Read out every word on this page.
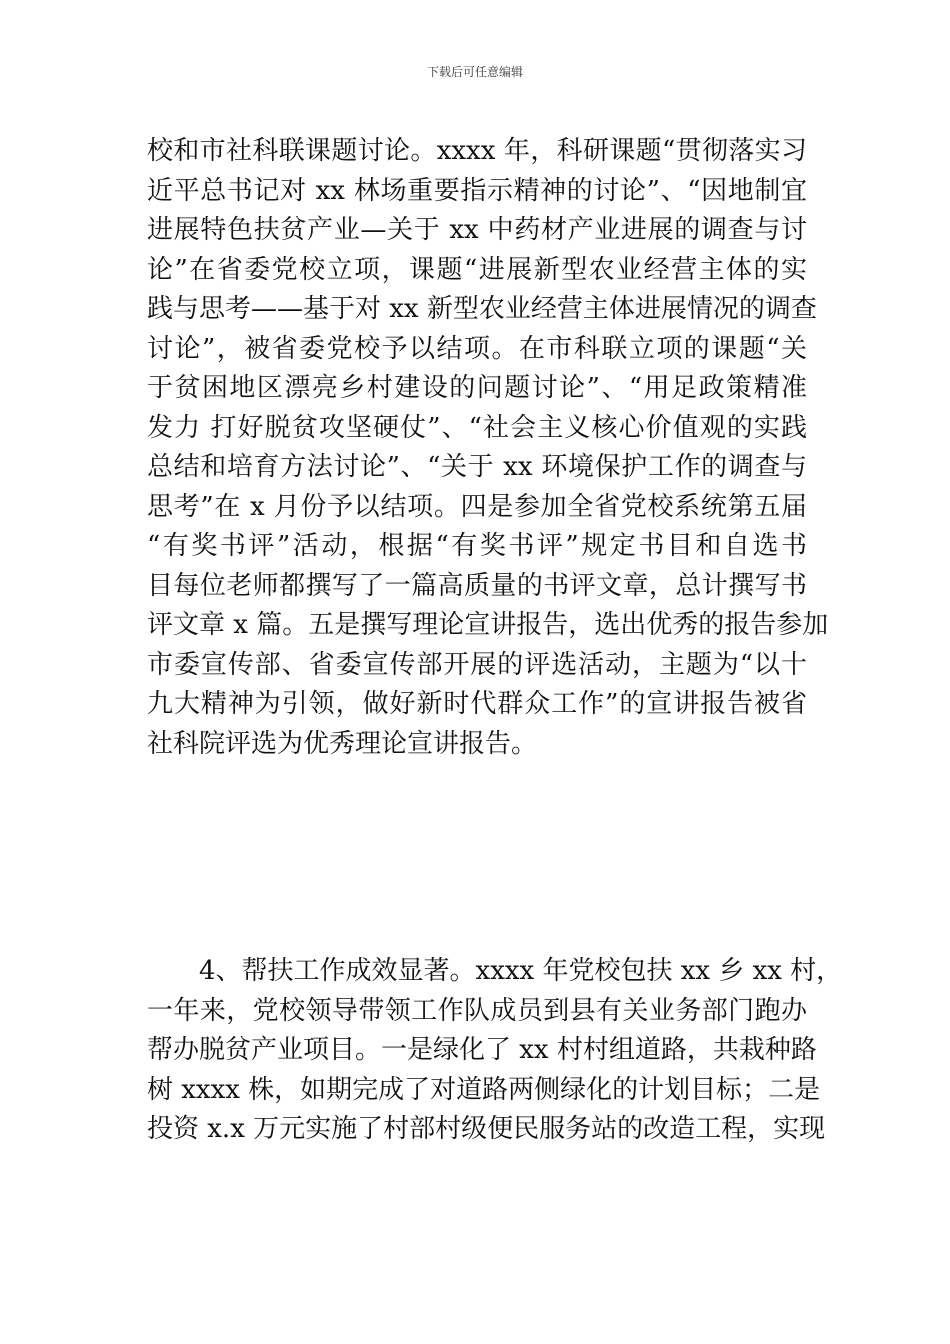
下载后可任意编辑
校和市社科联课题讨论。xxxx 年，科研课题“贯彻落实习
近平总书记对 xx 林场重要指示精神的讨论”、“因地制宜
进展特色扶贫产业—关于 xx 中药材产业进展的调查与讨
论”在省委党校立项，课题“进展新型农业经营主体的实
践与思考——基于对 xx 新型农业经营主体进展情况的调查
讨论”，被省委党校予以结项。在市科联立项的课题“关
于贫困地区漂亮乡村建设的问题讨论”、“用足政策精准
发力 打好脱贫攻坚硬仗”、“社会主义核心价值观的实践
总结和培育方法讨论”、“关于 xx 环境保护工作的调查与
思考”在 x 月份予以结项。四是参加全省党校系统第五届
“有奖书评”活动，根据“有奖书评”规定书目和自选书
目每位老师都撰写了一篇高质量的书评文章，总计撰写书
评文章 x 篇。五是撰写理论宣讲报告，选出优秀的报告参加
市委宣传部、省委宣传部开展的评选活动，主题为“以十
九大精神为引领，做好新时代群众工作”的宣讲报告被省
社科院评选为优秀理论宣讲报告。
4、帮扶工作成效显著。xxxx 年党校包扶 xx 乡 xx 村，
一年来，党校领导带领工作队成员到县有关业务部门跑办
帮办脱贫产业项目。一是绿化了 xx 村村组道路，共栽种路
树 xxxx 株，如期完成了对道路两侧绿化的计划目标；二是
投资 x.x 万元实施了村部村级便民服务站的改造工程，实现
